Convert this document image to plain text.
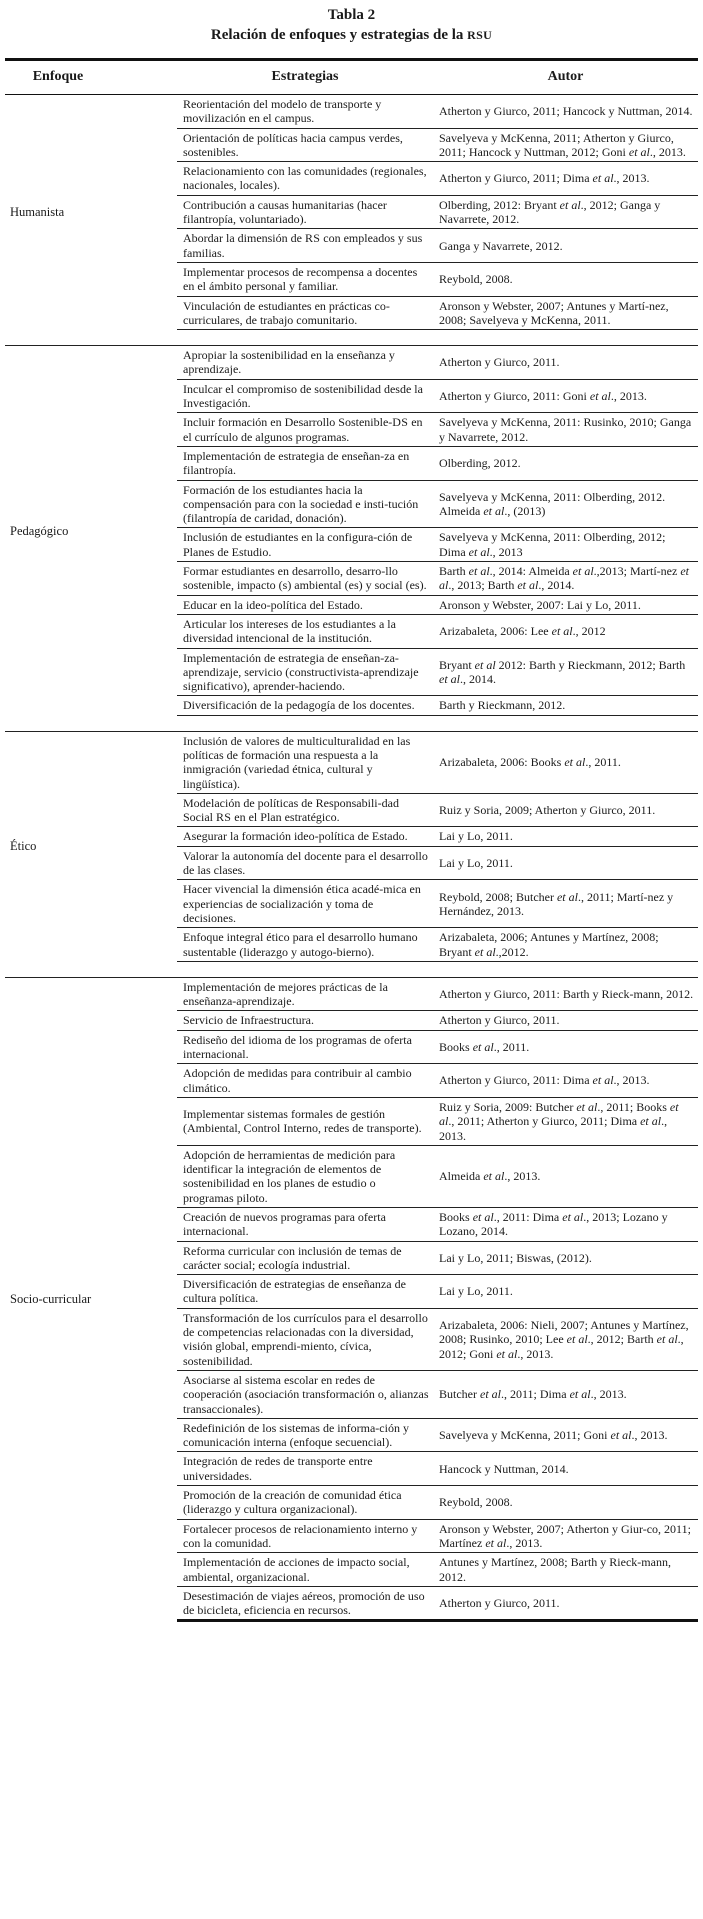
Tabla 2
Relación de enfoques y estrategias de la RSU
Enfoque	Estrategias	Autor
Humanista	Reorientación del modelo de transporte y movilización en el campus.	Atherton y Giurco, 2011; Hancock y Nuttman, 2014.
	Orientación de políticas hacia campus verdes, sostenibles.	Savelyeva y McKenna, 2011; Atherton y Giurco, 2011; Hancock y Nuttman, 2012; Goni et al., 2013.
	Relacionamiento con las comunidades (regionales, nacionales, locales).	Atherton y Giurco, 2011; Dima et al., 2013.
	Contribución a causas humanitarias (hacer filantropía, voluntariado).	Olberding, 2012: Bryant et al., 2012; Ganga y Navarrete, 2012.
	Abordar la dimensión de RS con empleados y sus familias.	Ganga y Navarrete, 2012.
	Implementar procesos de recompensa a docentes en el ámbito personal y familiar.	Reybold, 2008.
	Vinculación de estudiantes en prácticas co-curriculares, de trabajo comunitario.	Aronson y Webster, 2007; Antunes y Martí-nez, 2008; Savelyeva y McKenna, 2011.

Pedagógico	Apropiar la sostenibilidad en la enseñanza y aprendizaje.	Atherton y Giurco, 2011.
	Inculcar el compromiso de sostenibilidad desde la Investigación.	Atherton y Giurco, 2011: Goni et al., 2013.
	Incluir formación en Desarrollo Sostenible-DS en el currículo de algunos programas.	Savelyeva y McKenna, 2011: Rusinko, 2010; Ganga y Navarrete, 2012.
	Implementación de estrategia de enseñan-za en filantropía.	Olberding, 2012.
	Formación de los estudiantes hacia la compensación para con la sociedad e insti-tución (filantropía de caridad, donación).	Savelyeva y McKenna, 2011: Olberding, 2012. Almeida et al., (2013)
	Inclusión de estudiantes en la configura-ción de Planes de Estudio.	Savelyeva y McKenna, 2011: Olberding, 2012; Dima et al., 2013
	Formar estudiantes en desarrollo, desarro-llo sostenible, impacto (s) ambiental (es) y social (es).	Barth et al., 2014: Almeida et al.,2013; Martí-nez et al., 2013; Barth et al., 2014.
	Educar en la ideo-política del Estado.	Aronson y Webster, 2007: Lai y Lo, 2011.
	Articular los intereses de los estudiantes a la diversidad intencional de la institución.	Arizabaleta, 2006: Lee et al., 2012
	Implementación de estrategia de enseñan-za-aprendizaje, servicio (constructivista-aprendizaje significativo), aprender-haciendo.	Bryant et al 2012: Barth y Rieckmann, 2012; Barth et al., 2014.
	Diversificación de la pedagogía de los docentes.	Barth y Rieckmann, 2012.

Ético	Inclusión de valores de multiculturalidad en las políticas de formación una respuesta a la inmigración (variedad étnica, cultural y lingüística).	Arizabaleta, 2006: Books et al., 2011.
	Modelación de políticas de Responsabili-dad Social RS en el Plan estratégico.	Ruiz y Soria, 2009; Atherton y Giurco, 2011.
	Asegurar la formación ideo-política de Estado.	Lai y Lo, 2011.
	Valorar la autonomía del docente para el desarrollo de las clases.	Lai y Lo, 2011.
	Hacer vivencial la dimensión ética acadé-mica en experiencias de socialización y toma de decisiones.	Reybold, 2008; Butcher et al., 2011; Martí-nez y Hernández, 2013.
	Enfoque integral ético para el desarrollo humano sustentable (liderazgo y autogo-bierno).	Arizabaleta, 2006; Antunes y Martínez, 2008; Bryant et al.,2012.

Socio-curricular	Implementación de mejores prácticas de la enseñanza-aprendizaje.	Atherton y Giurco, 2011: Barth y Rieck-mann, 2012.
	Servicio de Infraestructura.	Atherton y Giurco, 2011.
	Rediseño del idioma de los programas de oferta internacional.	Books et al., 2011.
	Adopción de medidas para contribuir al cambio climático.	Atherton y Giurco, 2011: Dima et al., 2013.
	Implementar sistemas formales de gestión (Ambiental, Control Interno, redes de transporte).	Ruiz y Soria, 2009: Butcher et al., 2011; Books et al., 2011; Atherton y Giurco, 2011; Dima et al., 2013.
	Adopción de herramientas de medición para identificar la integración de elementos de sostenibilidad en los planes de estudio o programas piloto.	Almeida et al., 2013.
	Creación de nuevos programas para oferta internacional.	Books et al., 2011: Dima et al., 2013; Lozano y Lozano, 2014.
	Reforma curricular con inclusión de temas de carácter social; ecología industrial.	Lai y Lo, 2011; Biswas, (2012).
	Diversificación de estrategias de enseñanza de cultura política.	Lai y Lo, 2011.
	Transformación de los currículos para el desarrollo de competencias relacionadas con la diversidad, visión global, emprendi-miento, cívica, sostenibilidad.	Arizabaleta, 2006: Nieli, 2007; Antunes y Martínez, 2008; Rusinko, 2010; Lee et al., 2012; Barth et al., 2012; Goni et al., 2013.
	Asociarse al sistema escolar en redes de cooperación (asociación transformación o, alianzas transaccionales).	Butcher et al., 2011; Dima et al., 2013.
	Redefinición de los sistemas de informa-ción y comunicación interna (enfoque secuencial).	Savelyeva y McKenna, 2011; Goni et al., 2013.
	Integración de redes de transporte entre universidades.	Hancock y Nuttman, 2014.
	Promoción de la creación de comunidad ética (liderazgo y cultura organizacional).	Reybold, 2008.
	Fortalecer procesos de relacionamiento interno y con la comunidad.	Aronson y Webster, 2007; Atherton y Giur-co, 2011; Martínez et al., 2013.
	Implementación de acciones de impacto social, ambiental, organizacional.	Antunes y Martínez, 2008; Barth y Rieck-mann, 2012.
	Desestimación de viajes aéreos, promoción de uso de bicicleta, eficiencia en recursos.	Atherton y Giurco, 2011.
